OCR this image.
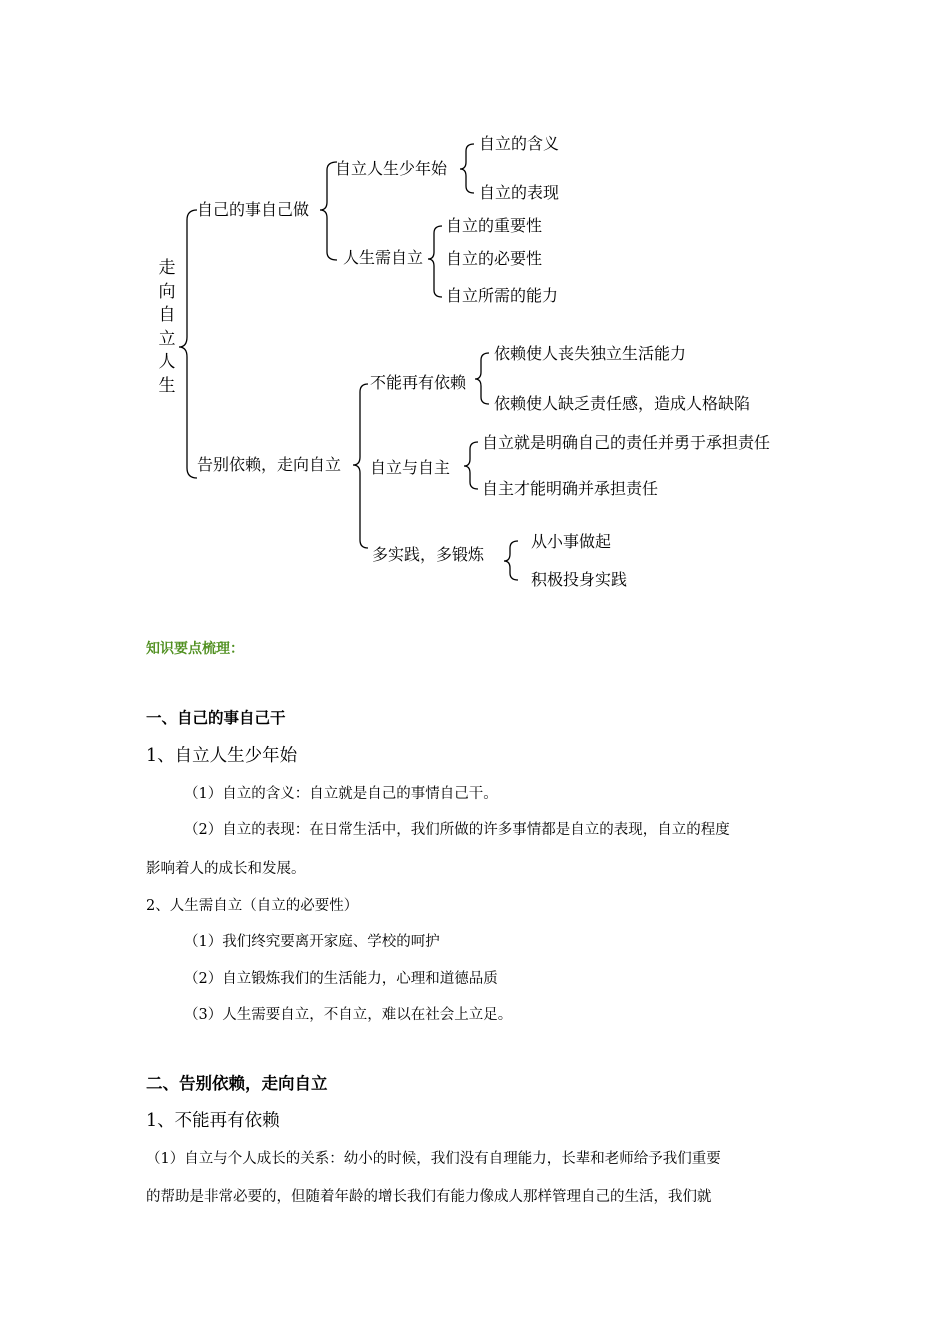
走向自立人生
自己的事自己做
自立人生少年始
自立的含义
自立的表现
人生需自立
自立的重要性
自立的必要性
自立所需的能力
告别依赖，走向自立
不能再有依赖
依赖使人丧失独立生活能力
依赖使人缺乏责任感，造成人格缺陷
自立与自主
自立就是明确自己的责任并勇于承担责任
自主才能明确并承担责任
多实践，多锻炼
从小事做起
积极投身实践
知识要点梳理：
一、自己的事自己干
1、自立人生少年始
（1）自立的含义：自立就是自己的事情自己干。
（2）自立的表现：在日常生活中，我们所做的许多事情都是自立的表现，自立的程度
影响着人的成长和发展。
2、人生需自立（自立的必要性）
（1）我们终究要离开家庭、学校的呵护
（2）自立锻炼我们的生活能力，心理和道德品质
（3）人生需要自立，不自立，难以在社会上立足。
二、告别依赖，走向自立
1、不能再有依赖
（1）自立与个人成长的关系：幼小的时候，我们没有自理能力，长辈和老师给予我们重要
的帮助是非常必要的，但随着年龄的增长我们有能力像成人那样管理自己的生活，我们就
